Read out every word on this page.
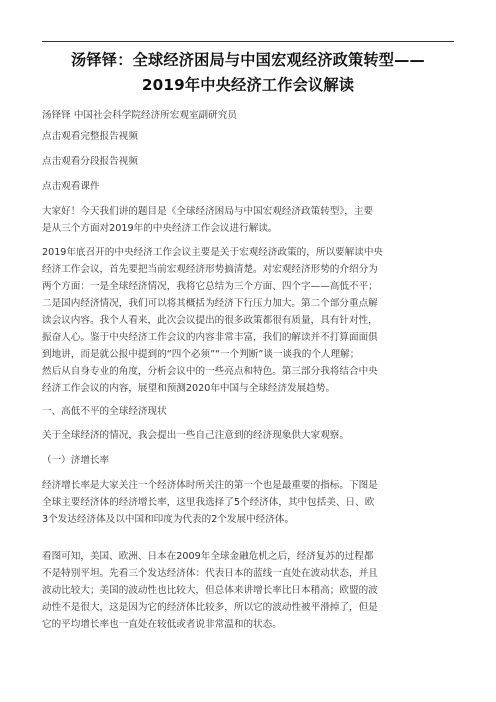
汤铎铎：全球经济困局与中国宏观经济政策转型——
2019年中央经济工作会议解读
汤铎铎 中国社会科学院经济所宏观室副研究员
点击观看完整报告视频
点击观看分段报告视频
点击观看课件
大家好！今天我们讲的题目是《全球经济困局与中国宏观经济政策转型》，主要
是从三个方面对2019年的中央经济工作会议进行解读。
2019年底召开的中央经济工作会议主要是关于宏观经济政策的，所以要解读中央
经济工作会议，首先要把当前宏观经济形势搞清楚。对宏观经济形势的介绍分为
两个方面：一是全球经济情况，我将它总结为三个方面、四个字——高低不平；
二是国内经济情况，我们可以将其概括为经济下行压力加大。第二个部分重点解
读会议内容。我个人看来，此次会议提出的很多政策都很有质量，具有针对性，
振奋人心。鉴于中央经济工作会议的内容非常丰富，我们的解读并不打算面面俱
到地讲，而是就公报中提到的“四个必须”“一个判断”谈一谈我的个人理解；
然后从自身专业的角度，分析会议中的一些亮点和特色。第三部分我将结合中央
经济工作会议的内容，展望和预测2020年中国与全球经济发展趋势。
一、高低不平的全球经济现状
关于全球经济的情况，我会提出一些自己注意到的经济现象供大家观察。
（一）济增长率
经济增长率是大家关注一个经济体时所关注的第一个也是最重要的指标。下图是
全球主要经济体的经济增长率，这里我选择了5个经济体，其中包括美、日、欧
3个发达经济体及以中国和印度为代表的2个发展中经济体。
看图可知，美国、欧洲、日本在2009年全球金融危机之后，经济复苏的过程都
不是特别平坦。先看三个发达经济体：代表日本的蓝线一直处在波动状态，并且
波动比较大；美国的波动性也比较大，但总体来讲增长率比日本稍高；欧盟的波
动性不是很大，这是因为它的经济体比较多，所以它的波动性被平滑掉了，但是
它的平均增长率也一直处在较低或者说非常温和的状态。
